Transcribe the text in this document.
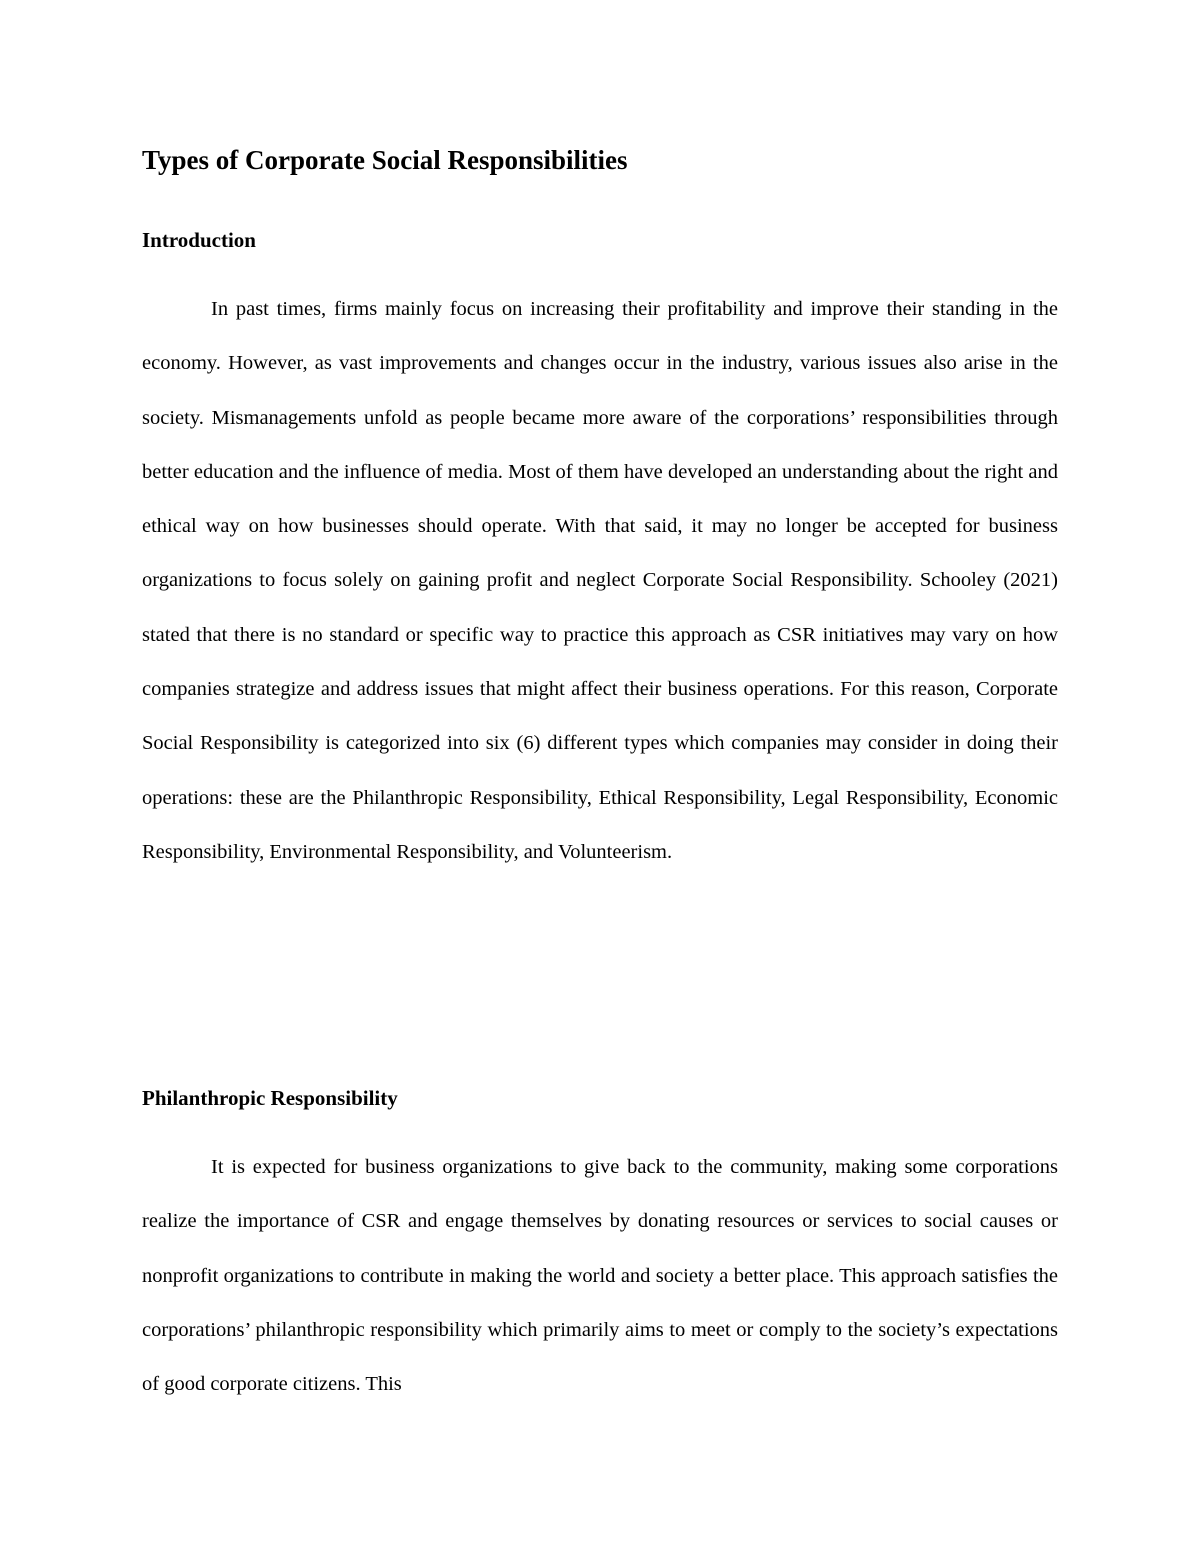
Types of Corporate Social Responsibilities
Introduction

In past times, firms mainly focus on increasing their profitability and improve their standing in the economy. However, as vast improvements and changes occur in the industry, various issues also arise in the society. Mismanagements unfold as people became more aware of the corporations’ responsibilities through better education and the influence of media. Most of them have developed an understanding about the right and ethical way on how businesses should operate. With that said, it may no longer be accepted for business organizations to focus solely on gaining profit and neglect Corporate Social Responsibility. Schooley (2021) stated that there is no standard or specific way to practice this approach as CSR initiatives may vary on how companies strategize and address issues that might affect their business operations. For this reason, Corporate Social Responsibility is categorized into six (6) different types which companies may consider in doing their operations: these are the Philanthropic Responsibility, Ethical Responsibility, Legal Responsibility, Economic Responsibility, Environmental Responsibility, and Volunteerism.

Philanthropic Responsibility

It is expected for business organizations to give back to the community, making some corporations realize the importance of CSR and engage themselves by donating resources or services to social causes or nonprofit organizations to contribute in making the world and society a better place. This approach satisfies the corporations’ philanthropic responsibility which primarily aims to meet or comply to the society’s expectations of good corporate citizens. This
